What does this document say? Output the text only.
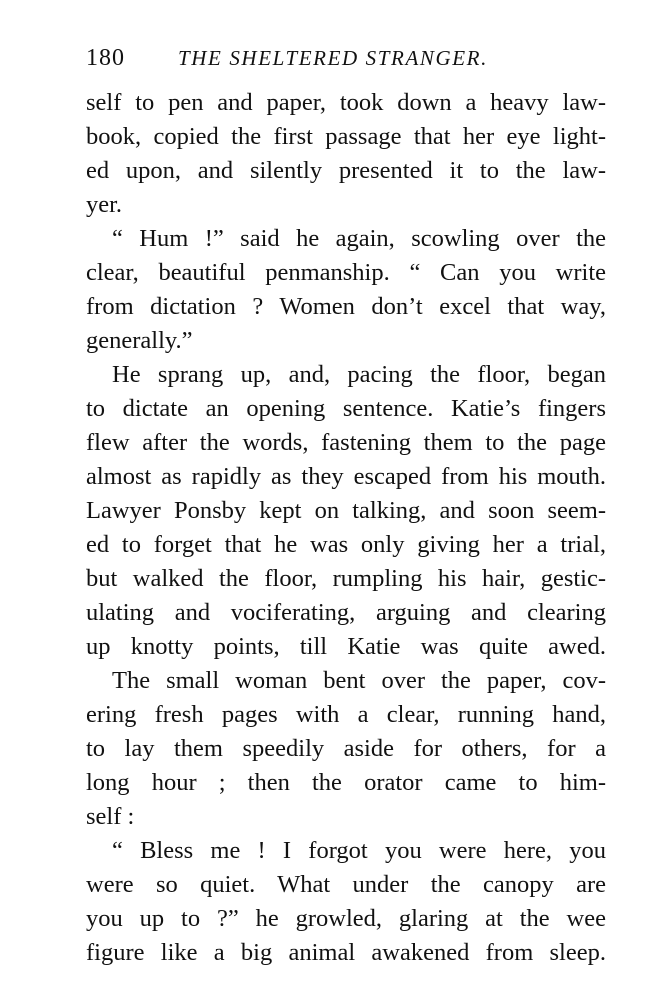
180	THE SHELTERED STRANGER.
self to pen and paper, took down a heavy law-
book, copied the first passage that her eye light-
ed upon, and silently presented it to the law-
yer.
“ Hum !” said he again, scowling over the
clear, beautiful penmanship. “ Can you write
from dictation ? Women don’t excel that way,
generally.”
He sprang up, and, pacing the floor, began
to dictate an opening sentence. Katie’s fingers
flew after the words, fastening them to the page
almost as rapidly as they escaped from his mouth.
Lawyer Ponsby kept on talking, and soon seem-
ed to forget that he was only giving her a trial,
but walked the floor, rumpling his hair, gestic-
ulating and vociferating, arguing and clearing
up knotty points, till Katie was quite awed.
The small woman bent over the paper, cov-
ering fresh pages with a clear, running hand,
to lay them speedily aside for others, for a
long hour ; then the orator came to him-
self :
“ Bless me ! I forgot you were here, you
were so quiet. What under the canopy are
you up to ?” he growled, glaring at the wee
figure like a big animal awakened from sleep.
